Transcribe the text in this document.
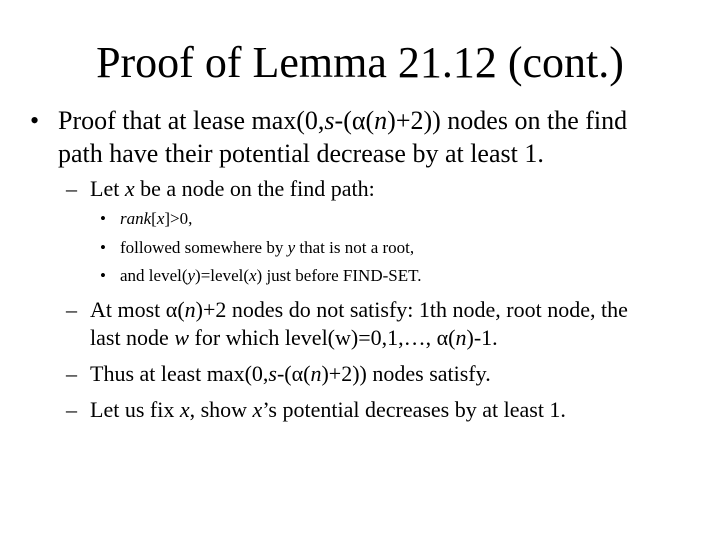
Proof of Lemma 21.12 (cont.)
• Proof that at lease max(0,s-(α(n)+2)) nodes on the find
path have their potential decrease by at least 1.
– Let x be a node on the find path:
• rank[x]>0,
• followed somewhere by y that is not a root,
• and level(y)=level(x) just before FIND-SET.
– At most α(n)+2 nodes do not satisfy: 1th node, root node, the
last node w for which level(w)=0,1,…, α(n)-1.
– Thus at least max(0,s-(α(n)+2)) nodes satisfy.
– Let us fix x, show x’s potential decreases by at least 1.
